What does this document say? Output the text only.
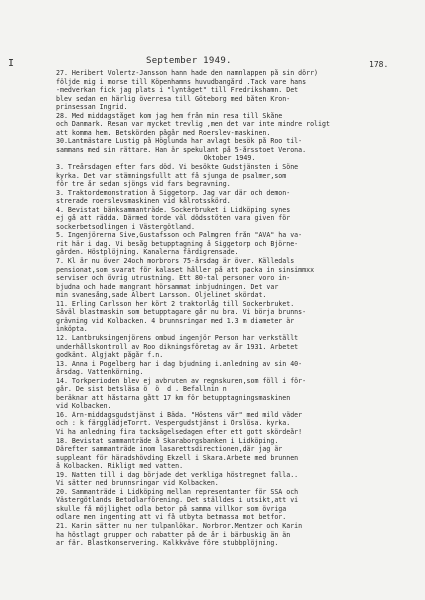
I	September 1949.	178.
27. Heribert Volertz-Jansson hann hade den namnlappen på sin dörr)
följde mig i morse till Köpenhamns huvudbangård .Tack vare hans
-medverkan fick jag plats i "lyntåget" till Fredrikshamn. Det
blev sedan en härlig överresa till Göteborg med båten Kron-
prinsessan Ingrid.
28. Med middagståget kom jag hem från min resa till Skåne
och Danmark. Resan var mycket trevlig ,men det var inte mindre roligt
att komma hem. Betskörden pågår med Roerslev-maskinen.
30.Lantmästare Lustig på Höglunda har avlagt besök på Roo til-
sammans med sin rättare. Han är spekulant på 5-årsstoet Verona.
Oktober 1949.
3. Treårsdagen efter fars död. Vi besökte Gudstjänsten i Söne
kyrka. Det var stämningsfullt att få sjunga de psalmer,som
för tre år sedan sjöngs vid fars begravning.
3. Traktordemonstration å Siggetorp. Jag var där och demon-
strerade roerslevsmaskinen vid kålrotsskörd.
4. Bevistat bänksammanträde. Sockerbruket i Lidköping synes
ej gå att rädda. Därmed torde väl dödsstöten vara given för
sockerbetsodlingen i Västergötland.
5. Ingenjörerna Sive,Gustafsson och Palmgren från "AVA" ha va-
rit här i dag. Vi besåg betupptagning å Siggetorp och Björne-
gården. Höstplöjning. Kanalerna färdigrensade.
7. Kl är nu över 24och morbrors 75-årsdag är över. Källedals
pensionat,som svarat för kalaset håller på att packa in sinsimmxx
serviser och övrig utrustning. Ett 80-tal personer voro in-
bjudna och hade mangrant hörsammat inbjudningen. Det var
min svanesång,sade Albert Larsson. Oljelinet skördat.
11. Erling Carlsson her kört 2 traktorlåg till Sockerbruket.
Såväl blastmaskin som betupptagare går nu bra. Vi börja brunns-
grävning vid Kolbacken. 4 brunnsringar med 1.3 m diameter är
inköpta.
12. Lantbruksingenjörens ombud ingenjör Person har verkställt
underhållskontroll av Roo dikningsföretag av år 1931. Arbetet
godkänt. Älgjakt pågår f.n.
13. Anna i Pogelberg har i dag bjudning i.anledning av sin 40-
årsdag. Vattenkörning.
14. Torkperioden blev ej avbruten av regnskuren,som föll i för-
går. De sist betsläsa ö  ö  d . Befallnin n
beräknar att håstarna gått 17 km för betupptagningsmaskinen
vid Kolbacken.
16. Ärn-middagsgudstjänst i Bäda. "Höstens vår" med mild väder
och : k färgglädjeTorrt. Vespergudstjänst i Örslösa. kyrka.
Vi ha anledning fira tacksägelsedagen efter ett gott skördeår!
18. Bevistat sammanträde å Skaraborgsbanken i Lidköping.
Därefter sammanträde inom lasarettsdirectionen,där jag är
suppleant för häradshövding Ekzell i Skara.Arbete med brunnen
å Kolbacken. Rikligt med vatten.
19. Natten till i dag började det verkliga höstregnet falla..
Vi sätter ned brunnsringar vid Kolbacken.
20. Sammanträde i Lidköping mellan representanter för SSA och
Västergötlands Betodlarförening. Det ställdes i utsikt,att vi
skulle få möjlighet odla betor på samma villkor som övriga
odlare men ingenting att vi få utbyta betmassa mot betfor.
21. Karin sätter nu ner tulpanlökar. Norbror.Mentzer och Karin
ha höstlagt grupper och rabatter på de år i bärbuskig än än
ar fär. Blastkonservering. Kalkkväve före stubbplöjning.
